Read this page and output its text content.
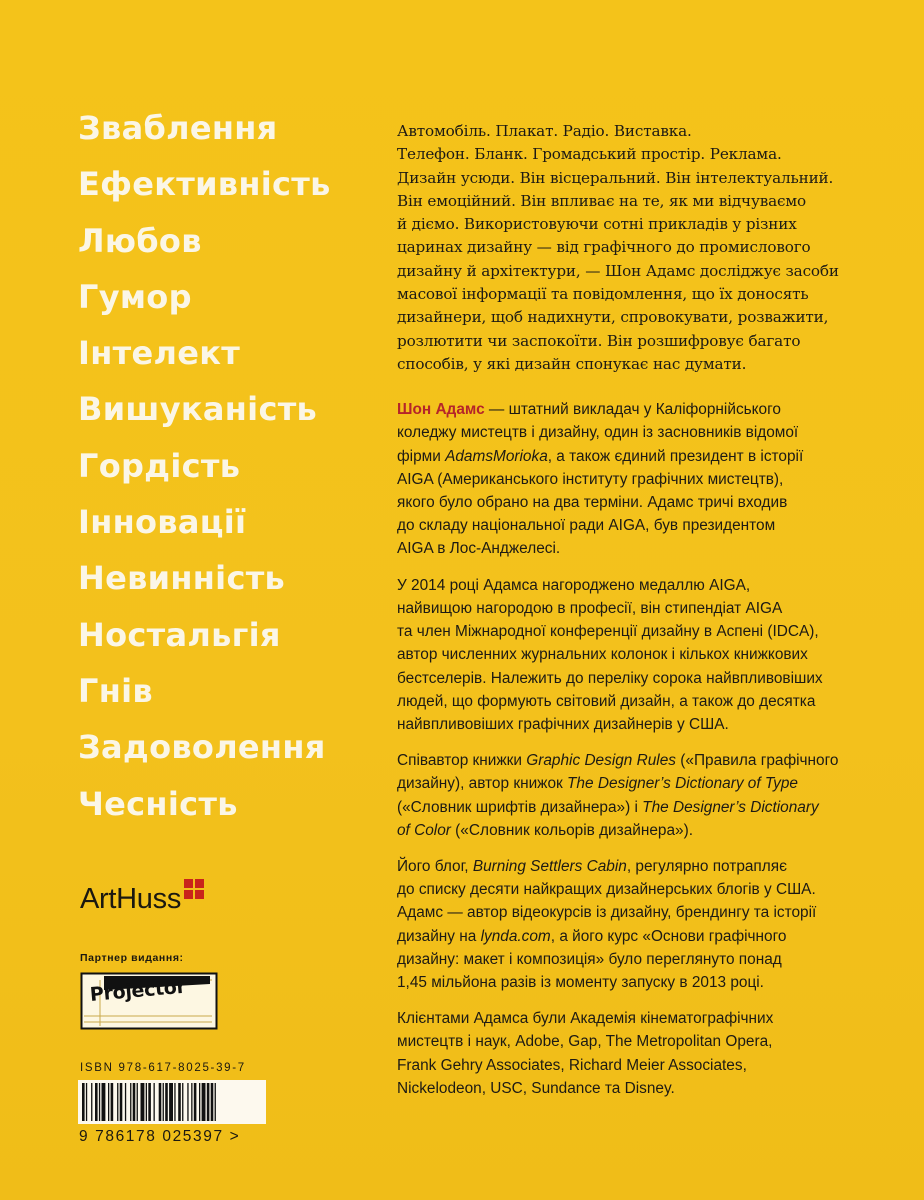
Зваблення
Ефективність
Любов
Гумор
Інтелект
Вишуканість
Гордість
Інновації
Невинність
Ностальгія
Гнів
Задоволення
Чесність
ArtHuss
Партнер видання:
Projector
ISBN 978-617-8025-39-7
9 786178 025397 >

Автомобіль. Плакат. Радіо. Виставка.
Телефон. Бланк. Громадський простір. Реклама.
Дизайн усюди. Він вісцеральний. Він інтелектуальний.
Він емоційний. Він впливає на те, як ми відчуваємо
й діємо. Використовуючи сотні прикладів у різних
царинах дизайну — від графічного до промислового
дизайну й архітектури, — Шон Адамс досліджує засоби
масової інформації та повідомлення, що їх доносять
дизайнери, щоб надихнути, спровокувати, розважити,
розлютити чи заспокоїти. Він розшифровує багато
способів, у які дизайн спонукає нас думати.

Шон Адамс — штатний викладач у Каліфорнійського
коледжу мистецтв і дизайну, один із засновників відомої
фірми AdamsMorioka, а також єдиний президент в історії
AIGA (Американського інституту графічних мистецтв),
якого було обрано на два терміни. Адамс тричі входив
до складу національної ради AIGA, був президентом
AIGA в Лос-Анджелесі.

У 2014 році Адамса нагороджено медаллю AIGA,
найвищою нагородою в професії, він стипендіат AIGA
та член Міжнародної конференції дизайну в Аспені (IDCA),
автор численних журнальних колонок і кількох книжкових
бестселерів. Належить до переліку сорока найвпливовіших
людей, що формують світовий дизайн, а також до десятка
найвпливовіших графічних дизайнерів у США.

Співавтор книжки Graphic Design Rules («Правила графічного
дизайну), автор книжок The Designer’s Dictionary of Type
(«Словник шрифтів дизайнера») і The Designer’s Dictionary
of Color («Словник кольорів дизайнера»).

Його блог, Burning Settlers Cabin, регулярно потрапляє
до списку десяти найкращих дизайнерських блогів у США.
Адамс — автор відеокурсів із дизайну, брендингу та історії
дизайну на lynda.com, а його курс «Основи графічного
дизайну: макет і композиція» було переглянуто понад
1,45 мільйона разів із моменту запуску в 2013 році.

Клієнтами Адамса були Академія кінематографічних
мистецтв і наук, Adobe, Gap, The Metropolitan Opera,
Frank Gehry Associates, Richard Meier Associates,
Nickelodeon, USC, Sundance та Disney.
